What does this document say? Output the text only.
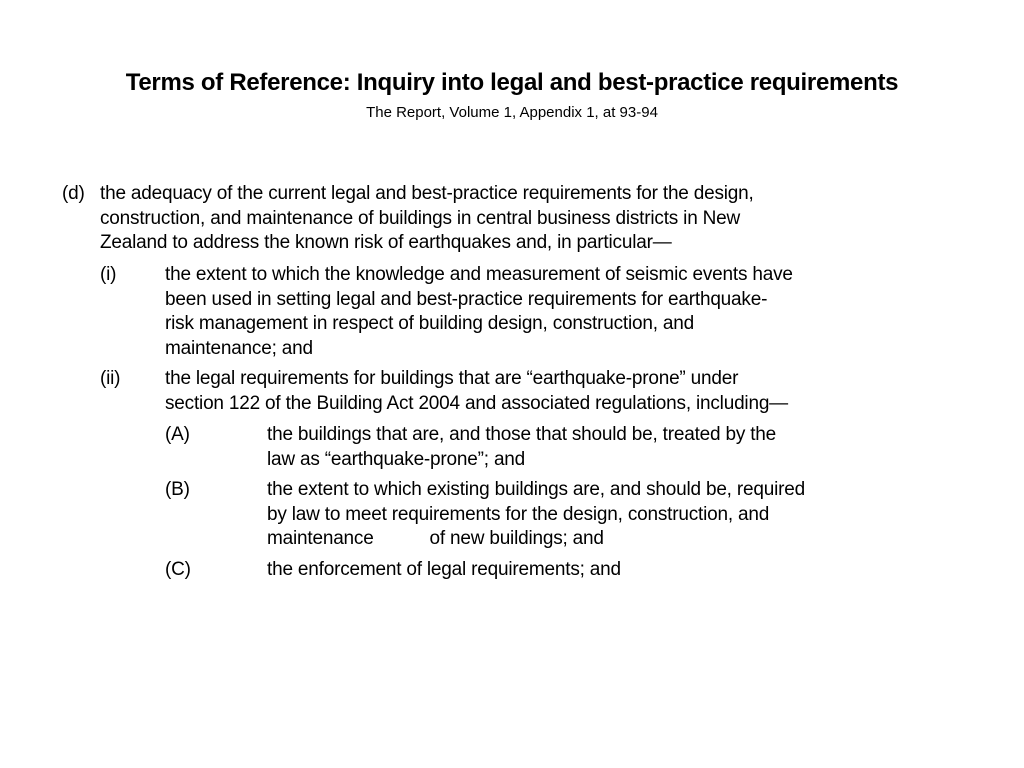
Terms of Reference: Inquiry into legal and best-practice requirements
The Report, Volume 1, Appendix 1, at 93-94
(d) the adequacy of the current legal and best-practice requirements for the design,
construction, and maintenance of buildings in central business districts in New
Zealand to address the known risk of earthquakes and, in particular—
(i)	the extent to which the knowledge and measurement of seismic events have
been used in setting legal and best-practice requirements for earthquake-
risk management in respect of building design, construction, and
maintenance; and
(ii) the legal requirements for buildings that are “earthquake-prone” under
section 122 of the Building Act 2004 and associated regulations, including—
(A)	the buildings that are, and those that should be, treated by the
law as “earthquake-prone”; and
(B)	the extent to which existing buildings are, and should be, required
by law to meet requirements for the design, construction, and
maintenance           of new buildings; and
(C)	the enforcement of legal requirements; and
